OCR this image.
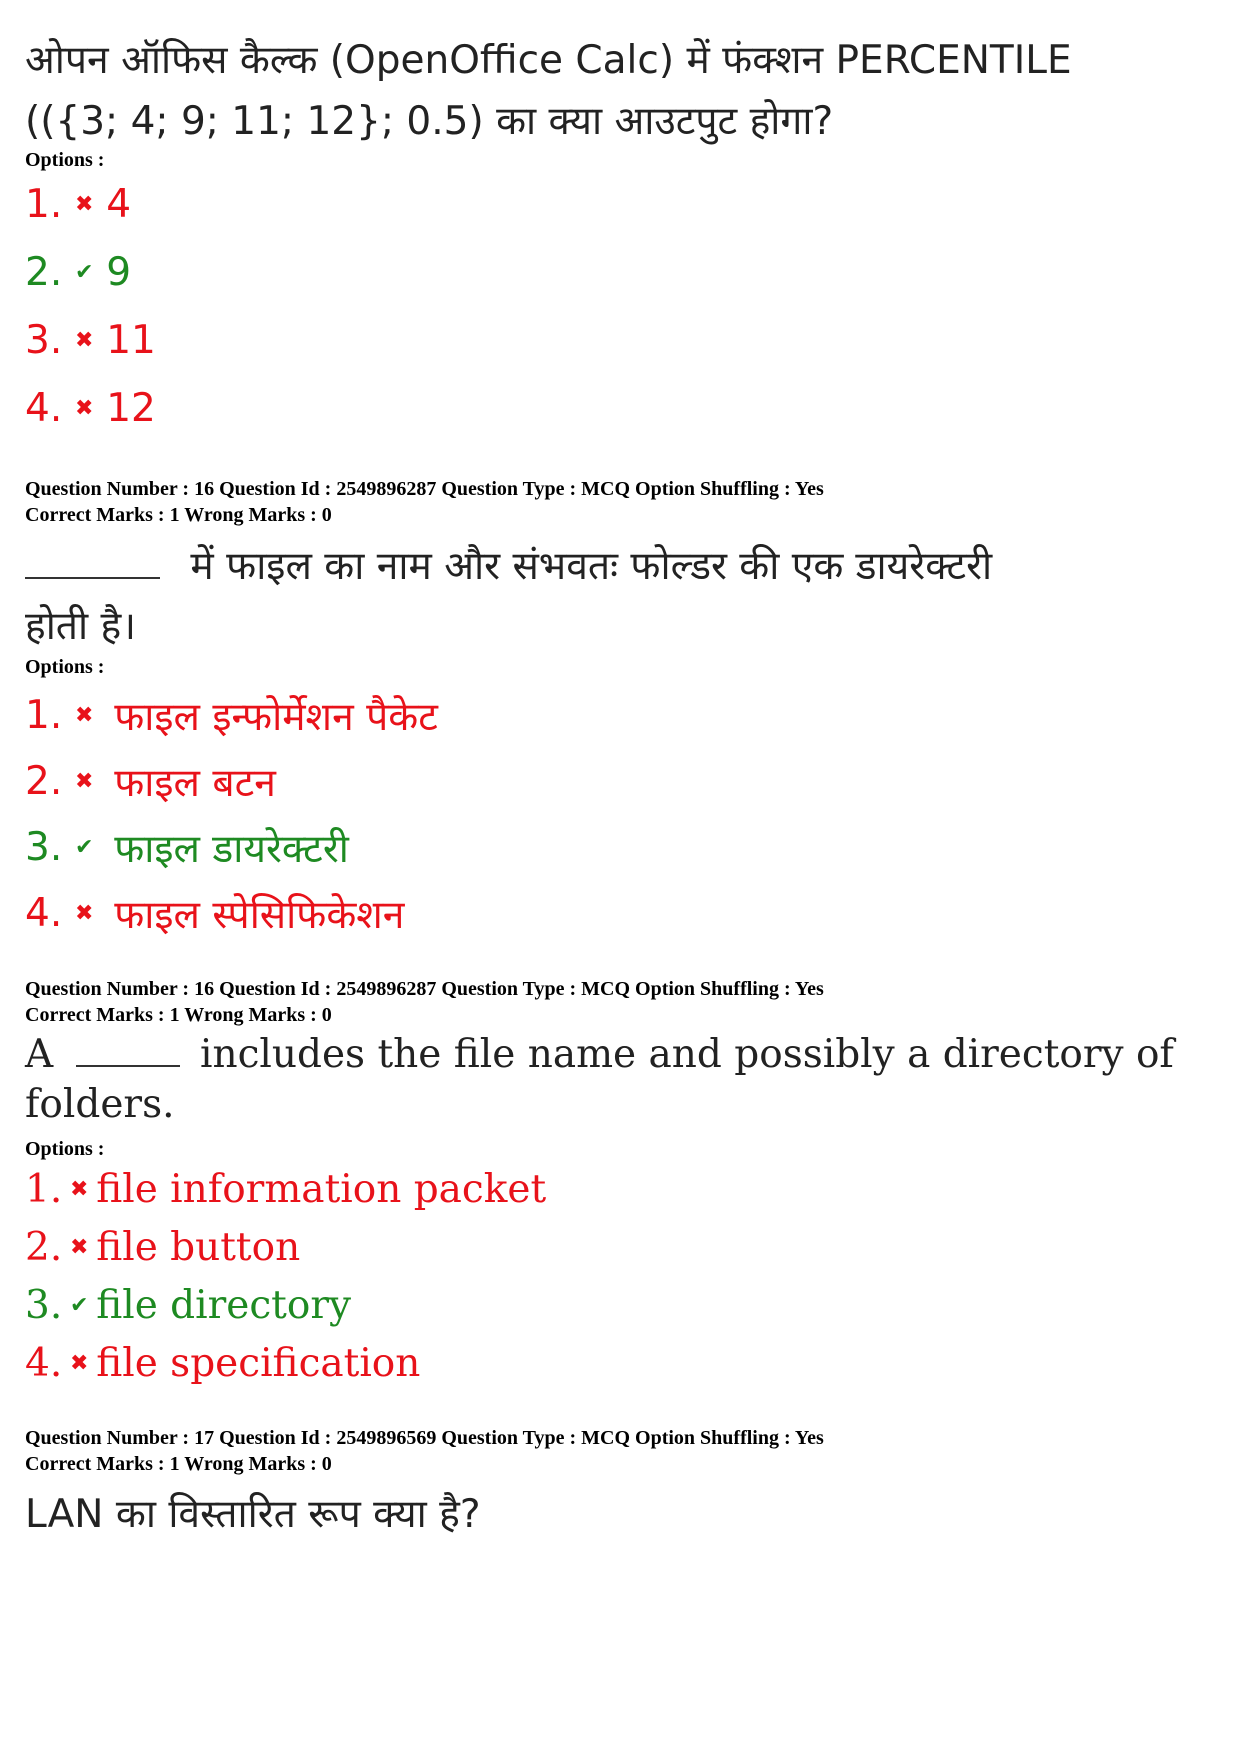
ओपन ऑफिस कैल्क (OpenOffice Calc) में फंक्शन PERCENTILE
(({3; 4; 9; 11; 12}; 0.5) का क्या आउटपुट होगा?
Options :
1. ✖ 4
2. ✔ 9
3. ✖ 11
4. ✖ 12
Question Number : 16 Question Id : 2549896287 Question Type : MCQ Option Shuffling : Yes
Correct Marks : 1 Wrong Marks : 0
में फाइल का नाम और संभवतः फोल्डर की एक डायरेक्टरी
होती है।
Options :
1. ✖ फाइल इन्फोर्मेशन पैकेट
2. ✖ फाइल बटन
3. ✔ फाइल डायरेक्टरी
4. ✖ फाइल स्पेसिफिकेशन
Question Number : 16 Question Id : 2549896287 Question Type : MCQ Option Shuffling : Yes
Correct Marks : 1 Wrong Marks : 0
A	includes the file name and possibly a directory of
folders.
Options :
1. ✖ file information packet
2. ✖ file button
3. ✔ file directory
4. ✖ file specification
Question Number : 17 Question Id : 2549896569 Question Type : MCQ Option Shuffling : Yes
Correct Marks : 1 Wrong Marks : 0
LAN का विस्तारित रूप क्या है?
